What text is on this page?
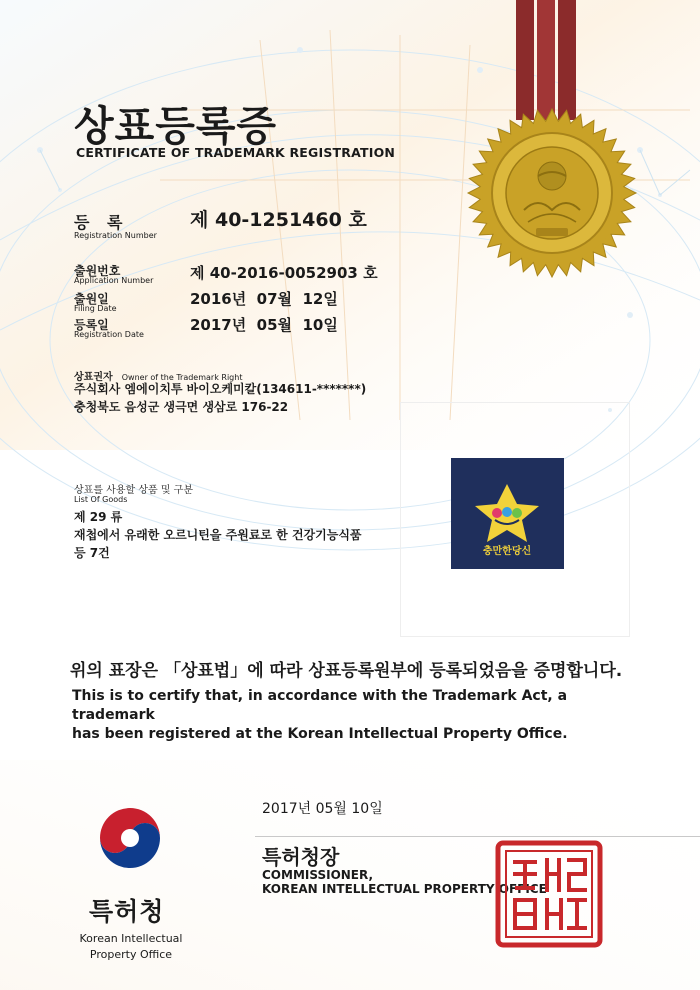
상표등록증
CERTIFICATE OF TRADEMARK REGISTRATION
등 록
Registration Number
제 40-1251460 호
출원번호
Application Number 제 40-2016-0052903 호
출원일
Filing Date
2016년  07월  12일
등록일
Registration Date
2017년  05월  10일
상표권자 Owner of the Trademark Right
주식회사 엠에이치투 바이오케미칼(134611-*******)
충청북도 음성군 생극면 생삼로 176-22
상표를 사용할 상품 및 구분
List Of Goods
제 29 류
재첩에서 유래한 오르니틴을 주원료로 한 건강기능식품
등 7건	충만한당신
위의 표장은 「상표법」에 따라 상표등록원부에 등록되었음을 증명합니다.
This is to certify that, in accordance with the Trademark Act, a trademark
has been registered at the Korean Intellectual Property Office.
2017년 05월 10일
특허청장
COMMISSIONER,
KOREAN INTELLECTUAL PROPERTY OFFICE
특허청
Korean Intellectual
Property Office
